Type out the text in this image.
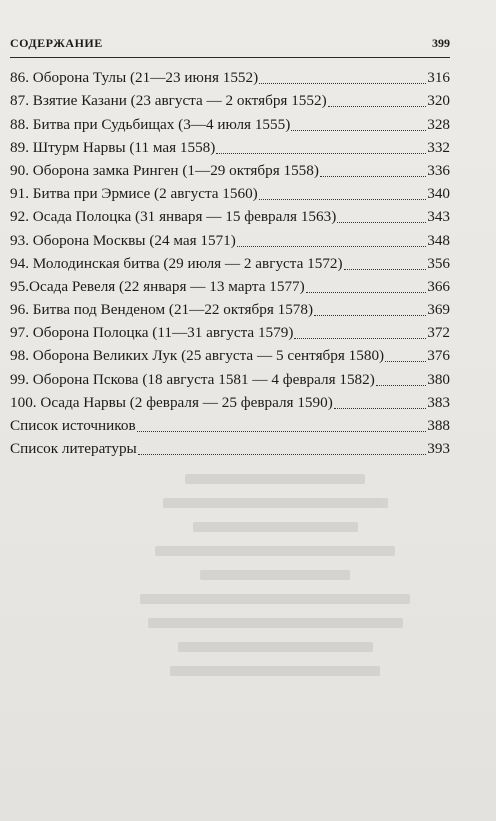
СОДЕРЖАНИЕ	399
86. Оборона Тулы (21—23 июня 1552)	316
87. Взятие Казани (23 августа — 2 октября 1552)	320
88. Битва при Судьбищах (3—4 июля 1555)	328
89. Штурм Нарвы (11 мая 1558)	332
90. Оборона замка Ринген (1—29 октября 1558)	336
91. Битва при Эрмисе (2 августа 1560)	340
92. Осада Полоцка (31 января — 15 февраля 1563)	343
93. Оборона Москвы (24 мая 1571)	348
94. Молодинская битва (29 июля — 2 августа 1572)	356
95.Осада Ревеля (22 января — 13 марта 1577)	366
96. Битва под Венденом (21—22 октября 1578)	369
97. Оборона Полоцка (11—31 августа 1579)	372
98. Оборона Великих Лук (25 августа — 5 сентября 1580)	376
99. Оборона Пскова (18 августа 1581 — 4 февраля 1582)	380
100. Осада Нарвы (2 февраля — 25 февраля 1590)	383
Список источников	388
Список литературы	393
